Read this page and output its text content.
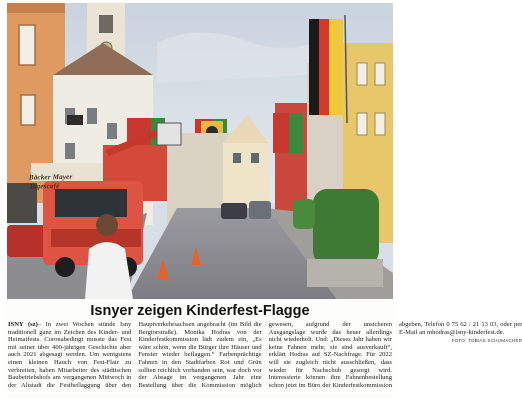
Bäcker Mayer
Tagescafé
Isnyer zeigen Kinderfest-Flagge

ISNY (sz)– In zwei Wochen stünde Isny traditionell ganz im Zeichen des Kinder- und Heimatfests. Coronabedingt musste das Fest mit seiner über 400-jährigen Geschichte aber auch 2021 abgesagt werden. Um wenigstens einen kleinen Hauch von Fest-Flair zu verbreiten, haben Mitarbeiter des städtischen Baubetriebshofs am vergangenen Mittwoch in der Altstadt die Festbeflaggung über den Hauptverkehrsachsen angebracht (im Bild die Bergtorstraße). Monika Hodras von der Kinderfestkommission lädt zudem ein, „Es wäre schön, wenn die Bürger ihre Häuser und Fenster wieder beflaggen.“ Farbenprächtige Fahnen in den Stadtfarben Rot und Grün sollten reichlich vorhanden sein, war doch vor der Absage im vergangenen Jahr eine Bestellung über die Kommission möglich gewesen, aufgrund der unsicheren Ausgangslage wurde das heuer allerdings nicht wiederholt. Und: „Dieses Jahr haben wir keine Fahnen mehr, sie sind ausverkauft“, erklärt Hodras auf SZ-Nachfrage. Für 2022 will sie zugleich nicht ausschließen, dass wieder für Nachschub gesorgt wird. Interessierte können ihre Fahnenbestellung schon jetzt im Büro der Kinderfestkommission abgeben, Telefon 0 75 62 / 21 13 03, oder per E-Mail an mhodras@isny-kinderfest.de.

FOTO: TOBIAS SCHUMACHER
